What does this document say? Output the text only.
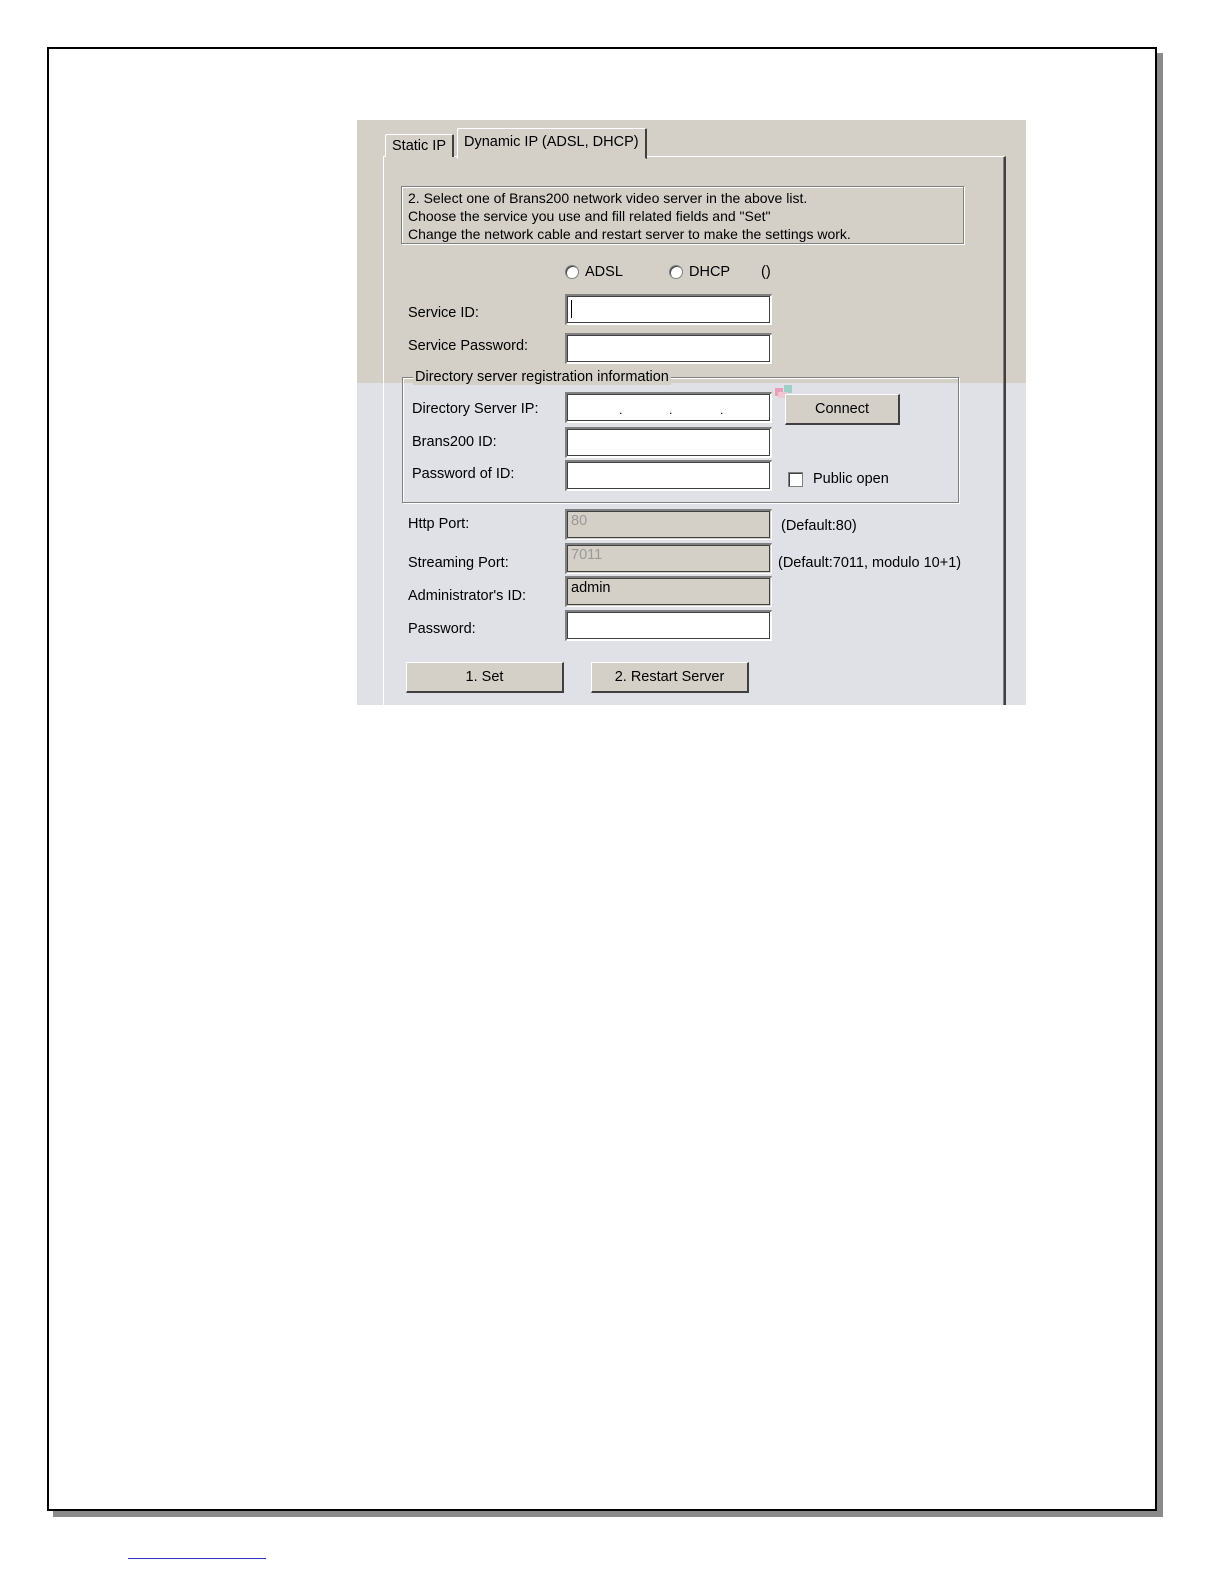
Static IP	Dynamic IP (ADSL, DHCP)
2. Select one of Brans200 network video server in the above list.
Choose the service you use and fill related fields and "Set"
Change the network cable and restart server to make the settings work.
ADSL	DHCP ()
Service ID:
Service Password:
Directory server registration information
Directory Server IP:	.	.	.	Connect
Brans200 ID:
Password of ID:	Public open
Http Port:	80	(Default:80)
Streaming Port:	7011	(Default:7011, modulo 10+1)
Administrator's ID:	admin
Password:
1. Set	2. Restart Server
